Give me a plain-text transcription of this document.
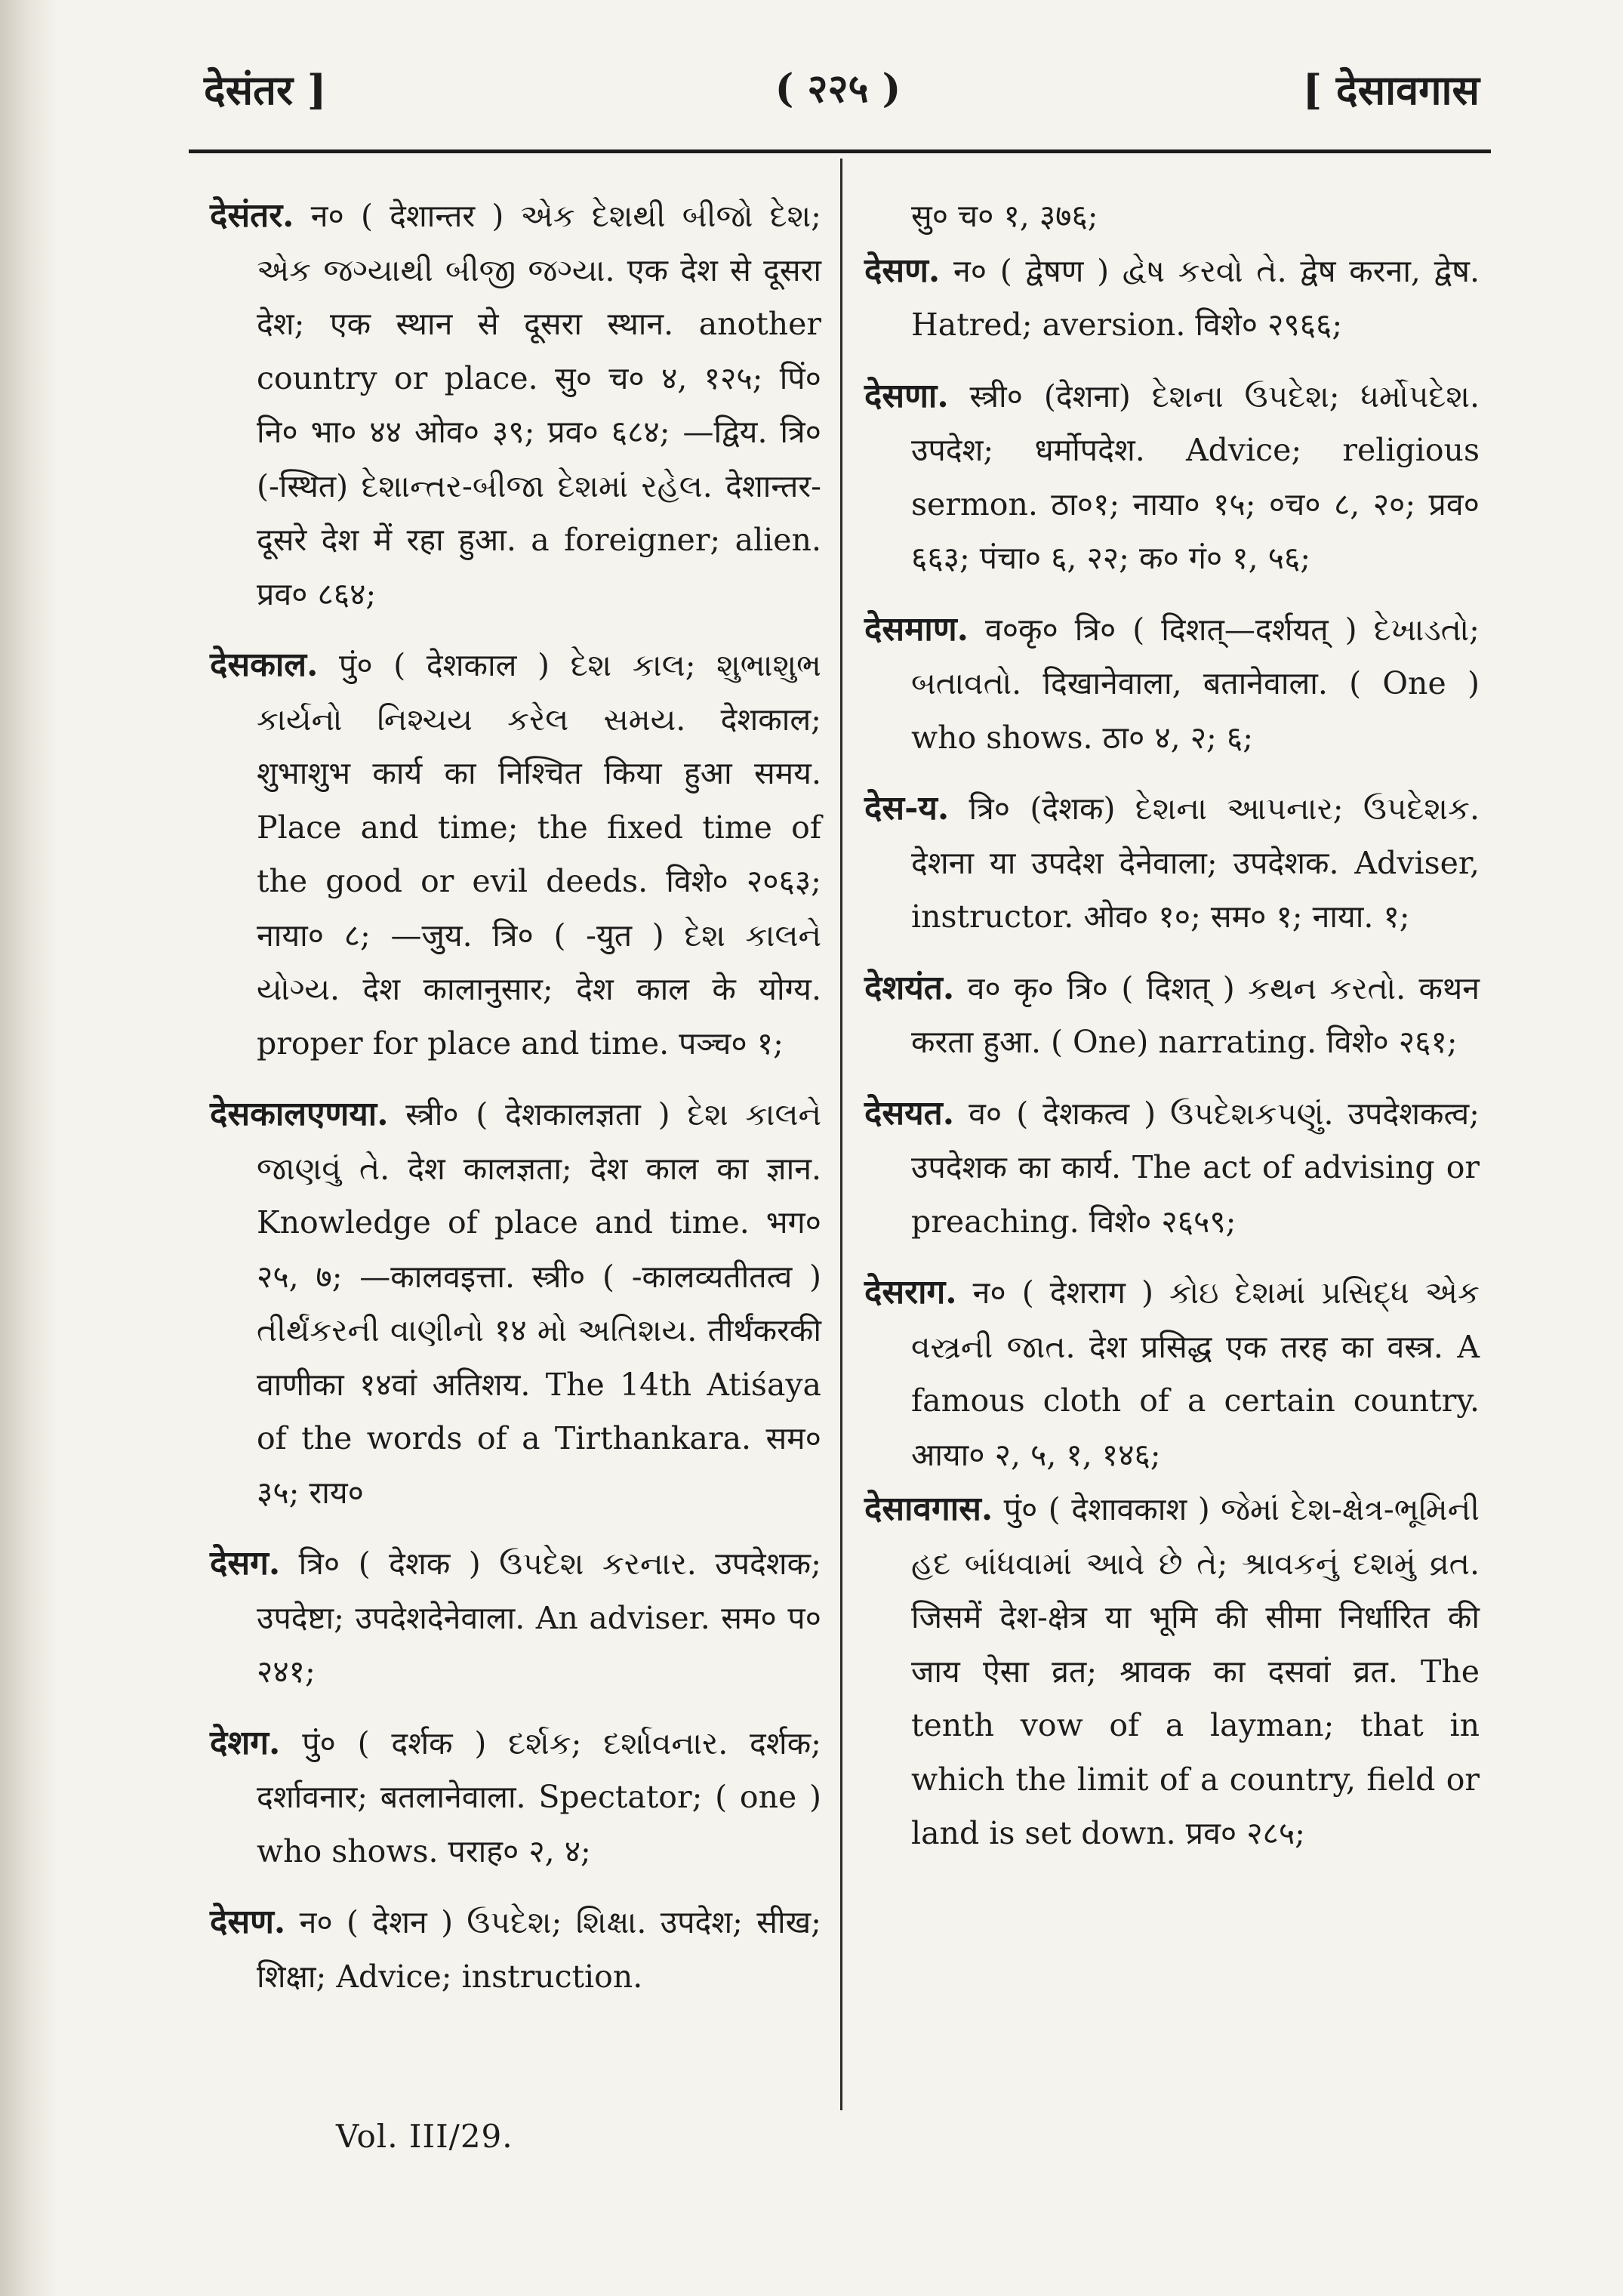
देसंतर ]	( २२५ )	[ देसावगास

देसंतर. न० ( देशान्तर ) એક દેશથી બીજો દેશ; એક જગ્યાથી બીજી જગ્યા. एक देश से दूसरा देश; एक स्थान से दूसरा स्थान. another country or place. सु० च० ४, १२५; पिं० नि० भा० ४४ ओव० ३९; प्रव० ६८४; —द्विय. त्रि० (-स्थित) દેશાન્તર-બીજા દેશમાં રહેલ. देशान्तर-दूसरे देश में रहा हुआ. a foreigner; alien. प्रव० ८६४;

देसकाल. पुं० ( देशकाल ) દેશ કાલ; શુભાશુભ કાર્યનો નિશ્ચય કરેલ સમય. देशकाल; शुभाशुभ कार्य का निश्चित किया हुआ समय. Place and time; the fixed time of the good or evil deeds. विशे० २०६३; नाया० ८; —जुय. त्रि० ( -युत ) દેશ કાલને યોગ્ય. देश कालानुसार; देश काल के योग्य. proper for place and time. पञ्च० १;

देसकालएणया. स्त्री० ( देशकालज्ञता ) દેશ કાલને જાણવું તે. देश कालज्ञता; देश काल का ज्ञान. Knowledge of place and time. भग० २५, ७; —कालवइत्ता. स्त्री० ( -कालव्यतीतत्व ) તીર્થંકરની વાણીનો १४ મો અતિશય. तीर्थंकरकी वाणीका १४वां अतिशय. The 14th Atiśaya of the words of a Tirthankara. सम० ३५; राय०

देसग. त्रि० ( देशक ) ઉપદેશ કરનાર. उपदेशक; उपदेष्टा; उपदेशदेनेवाला. An adviser. सम० प० २४१;

देशग. पुं० ( दर्शक ) દર્શક; દર્શાવનાર. दर्शक; दर्शावनार; बतलानेवाला. Spectator; ( one ) who shows. पराह० २, ४;

देसण. न० ( देशन ) ઉપદેશ; શિક્ષા. उपदेश; सीख; शिक्षा; Advice; instruction.

सु० च० १, ३७६;

देसण. न० ( द्वेषण ) દ્વેષ કરવો તે. द्वेष करना, द्वेष. Hatred; aversion. विशे० २९६६;

देसणा. स्त्री० (देशना) દેશના ઉપદેશ; ધર્મોપદેશ. उपदेश; धर्मोपदेश. Advice; religious sermon. ठा०१; नाया० १५; ०च० ८, २०; प्रव० ६६३; पंचा० ६, २२; क० गं० १, ५६;

देसमाण. व०कृ० त्रि० ( दिशत्—दर्शयत् ) દેખાડતો; બતાવતો. दिखानेवाला, बतानेवाला. ( One ) who shows. ठा० ४, २; ६;

देस-य. त्रि० (देशक) દેશના આપનાર; ઉપદેશક. देशना या उपदेश देनेवाला; उपदेशक. Adviser, instructor. ओव० १०; सम० १; नाया. १;

देशयंत. व० कृ० त्रि० ( दिशत् ) કથન કરતો. कथन करता हुआ. ( One) narrating. विशे० २६१;

देसयत. व० ( देशकत्व ) ઉપદેશકપણું. उपदेशकत्व; उपदेशक का कार्य. The act of advising or preaching. विशे० २६५९;

देसराग. न० ( देशराग ) કોઇ દેશમાં પ્રસિદ્ધ એક વસ્ત્રની જાત. देश प्रसिद्ध एक तरह का वस्त्र. A famous cloth of a certain country. आया० २, ५, १, १४६;

देसावगास. पुं० ( देशावकाश ) જેમાં દેશ-ક્ષેત્ર-ભૂમિની હદ બાંધવામાં આવે છે તે; શ્રાવકનું દશમું વ્રત. जिसमें देश-क्षेत्र या भूमि की सीमा निर्धारित की जाय ऐसा व्रत; श्रावक का दसवां व्रत. The tenth vow of a layman; that in which the limit of a country, field or land is set down. प्रव० २८५;

Vol. III/29.
